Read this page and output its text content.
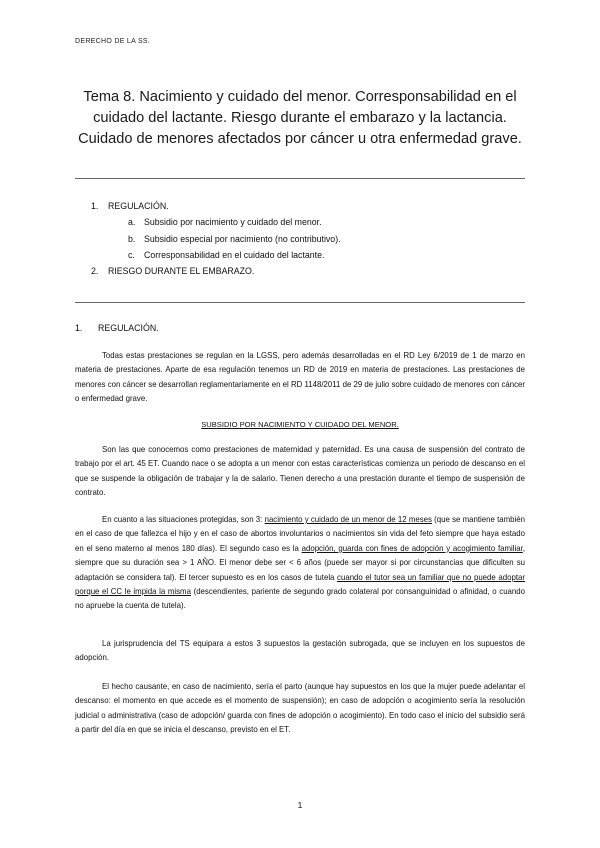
DERECHO DE LA SS.
Tema 8. Nacimiento y cuidado del menor. Corresponsabilidad en el
cuidado del lactante. Riesgo durante el embarazo y la lactancia.
Cuidado de menores afectados por cáncer u otra enfermedad grave.
1. REGULACIÓN.
a. Subsidio por nacimiento y cuidado del menor.
b. Subsidio especial por nacimiento (no contributivo).
c. Corresponsabilidad en el cuidado del lactante.
2. RIESGO DURANTE EL EMBARAZO.
1. REGULACIÓN.

Todas estas prestaciones se regulan en la LGSS, pero además desarrolladas en el RD Ley 6/2019 de 1 de marzo en materia de prestaciones. Aparte de esa regulación tenemos un RD de 2019 en materia de prestaciones. Las prestaciones de menores con cáncer se desarrollan reglamentariamente en el RD 1148/2011 de 29 de julio sobre cuidado de menores con cáncer o enfermedad grave.

SUBSIDIO POR NACIMIENTO Y CUIDADO DEL MENOR.

Son las que conocemos como prestaciones de maternidad y paternidad. Es una causa de suspensión del contrato de trabajo por el art. 45 ET. Cuando nace o se adopta a un menor con estas características comienza un periodo de descanso en el que se suspende la obligación de trabajar y la de salario. Tienen derecho a una prestación durante el tiempo de suspensión de contrato.

En cuanto a las situaciones protegidas, son 3: nacimiento y cuidado de un menor de 12 meses (que se mantiene también en el caso de que fallezca el hijo y en el caso de abortos involuntarios o nacimientos sin vida del feto siempre que haya estado en el seno materno al menos 180 días). El segundo caso es la adopción, guarda con fines de adopción y acogimiento familiar, siempre que su duración sea > 1 AÑO. El menor debe ser < 6 años (puede ser mayor si por circunstancias que dificulten su adaptación se considera tal). El tercer supuesto es en los casos de tutela cuando el tutor sea un familiar que no puede adoptar porque el CC le impida la misma (descendientes, pariente de segundo grado colateral por consanguinidad o afinidad, o cuando no apruebe la cuenta de tutela).

La jurisprudencia del TS equipara a estos 3 supuestos la gestación subrogada, que se incluyen en los supuestos de adopción.

El hecho causante, en caso de nacimiento, sería el parto (aunque hay supuestos en los que la mujer puede adelantar el descanso: el momento en que accede es el momento de suspensión); en caso de adopción o acogimiento sería la resolución judicial o administrativa (caso de adopción/ guarda con fines de adopción o acogimiento). En todo caso el inicio del subsidio será a partir del día en que se inicia el descanso, previsto en el ET.

1
